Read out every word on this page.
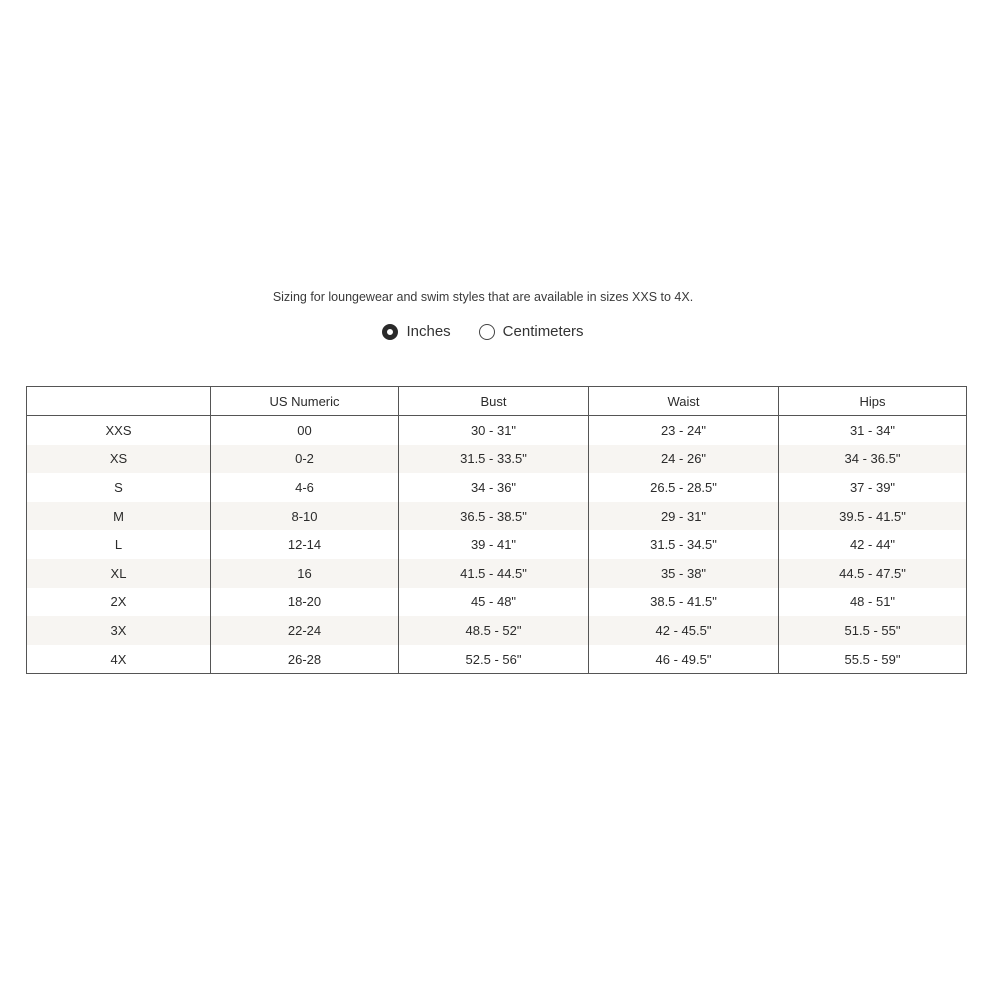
Sizing for loungewear and swim styles that are available in sizes XXS to 4X.
Inches	Centimeters
	US Numeric	Bust	Waist	Hips
XXS	00	30 - 31"	23 - 24"	31 - 34"
XS	0-2	31.5 - 33.5"	24 - 26"	34 - 36.5"
S	4-6	34 - 36"	26.5 - 28.5"	37 - 39"
M	8-10	36.5 - 38.5"	29 - 31"	39.5 - 41.5"
L	12-14	39 - 41"	31.5 - 34.5"	42 - 44"
XL	16	41.5 - 44.5"	35 - 38"	44.5 - 47.5"
2X	18-20	45 - 48"	38.5 - 41.5"	48 - 51"
3X	22-24	48.5 - 52"	42 - 45.5"	51.5 - 55"
4X	26-28	52.5 - 56"	46 - 49.5"	55.5 - 59"
